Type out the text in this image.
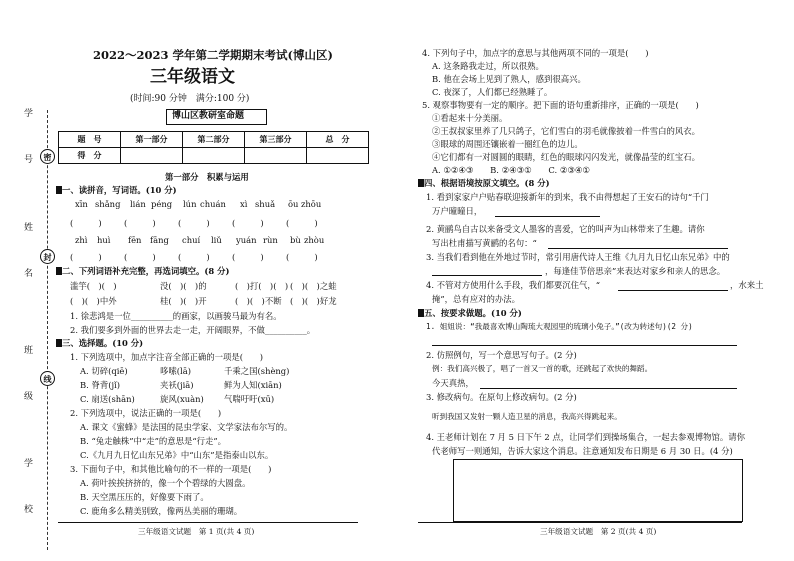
学　号
姓　名
班　级
学　校
密
封
线
2022～2023 学年第二学期期末考试(博山区)
三年级语文
(时间:90 分钟　满分:100 分)
博山区教研室命题
题　号	第一部分	第二部分	第三部分	总　分
得　分				
第一部分　积累与运用
一、读拼音，写词语。(10 分)
xīn shǎng lián péng lún chuán xì shuǎ ōu zhōu
(　　　)	(　　　)	(　　　)	(　　　)	(　　　)
zhì huì fēn fāng chuí liǔ yuán rùn bù zhòu
(　　　)	(　　　)	(　　　)	(　　　)	(　　　)
二、下列词语补充完整，再选词填空。(8 分)
滥竽(　)(　)	没(　)(　)的	(　)打(　)(　) (　)(　)之蛙
(　)(　)中外	桂(　)(　)开	(　)(　)不断 (　)(　)好龙
1. 徐悲鸿是一位__________的画家，以画骏马最为有名。
2. 我们要多到外面的世界去走一走，开阔眼界，不做__________。
三、选择题。(10 分)
1. 下列选项中，加点字注音全部正确的一项是(　　)
A. 切碎(qiē)	哆嗦(lā)	千乘之国(shèng)
B. 脊背(jǐ)	夹袄(jiā)	鲜为人知(xiān)
C. 扇送(shān)	旋风(xuàn) 气喘吁吁(xū)
2. 下列选项中，说法正确的一项是(　　)
A. 课文《蜜蜂》是法国的昆虫学家、文学家法布尔写的。
B. “兔走触株”中“走”的意思是“行走”。
C.《九月九日忆山东兄弟》中“山东”是指泰山以东。
3. 下面句子中，和其他比喻句的不一样的一项是(　　)
A. 荷叶挨挨挤挤的，像一个个碧绿的大圆盘。
B. 天空黑压压的，好像要下雨了。
C. 鹿角多么精美别致，像两丛美丽的珊瑚。
三年级语文试题　第 1 页(共 4 页)
4. 下列句子中，加点字的意思与其他两项不同的一项是(　　)
A. 这条路我走过，所以很熟。
B. 他在会场上见到了熟人，感到很高兴。
C. 夜深了，人们都已经熟睡了。
5. 观察事物要有一定的顺序。把下面的语句重新排序，正确的一项是(　　)
①看起来十分美丽。
②王叔叔家里养了几只鸽子，它们雪白的羽毛就像披着一件雪白的风衣。
③眼球的周围还镶嵌着一圈红色的边儿。
④它们都有一对圆圆的眼睛，红色的眼球闪闪发光，就像晶莹的红宝石。
A. ①②④③　　B. ②④③①　　C. ②③④①
四、根据语境按原文填空。(8 分)
1. 看到家家户户贴春联迎接新年的到来，我不由得想起了王安石的诗句“千门
万户曈曈日，
2. 黄鹂鸟自古以来备受文人墨客的喜爱，它的叫声为山林带来了生趣。请你
写出杜甫描写黄鹂的名句：“
3. 当我们看到他在外地过节时，常引用唐代诗人王维《九月九日忆山东兄弟》中的
，每逢佳节倍思亲”来表达对家乡和亲人的思念。
4. 不管对方使用什么手段，我们都要沉住气，“	，水来土
掩”，总有应对的办法。
五、按要求做题。(10 分)
1. 姐姐说：“我最喜欢博山陶琉大观园里的琉璃小兔子。”(改为转述句)(2 分)
2. 仿照例句，写一个意思写句子。(2 分)
例：我们高兴极了，唱了一首又一首的歌，还跳起了欢快的舞蹈。
今天真热，
3. 修改病句。在原句上修改病句。(2 分)
听到我国又发射一颗人造卫星的消息，我高兴得跳起来。
4. 王老师计划在 7 月 5 日下午 2 点，让同学们到操场集合，一起去参观博物馆。请你
代老师写一则通知，告诉大家这个消息。注意通知发布日期是 6 月 30 日。(4 分)
三年级语文试题　第 2 页(共 4 页)
